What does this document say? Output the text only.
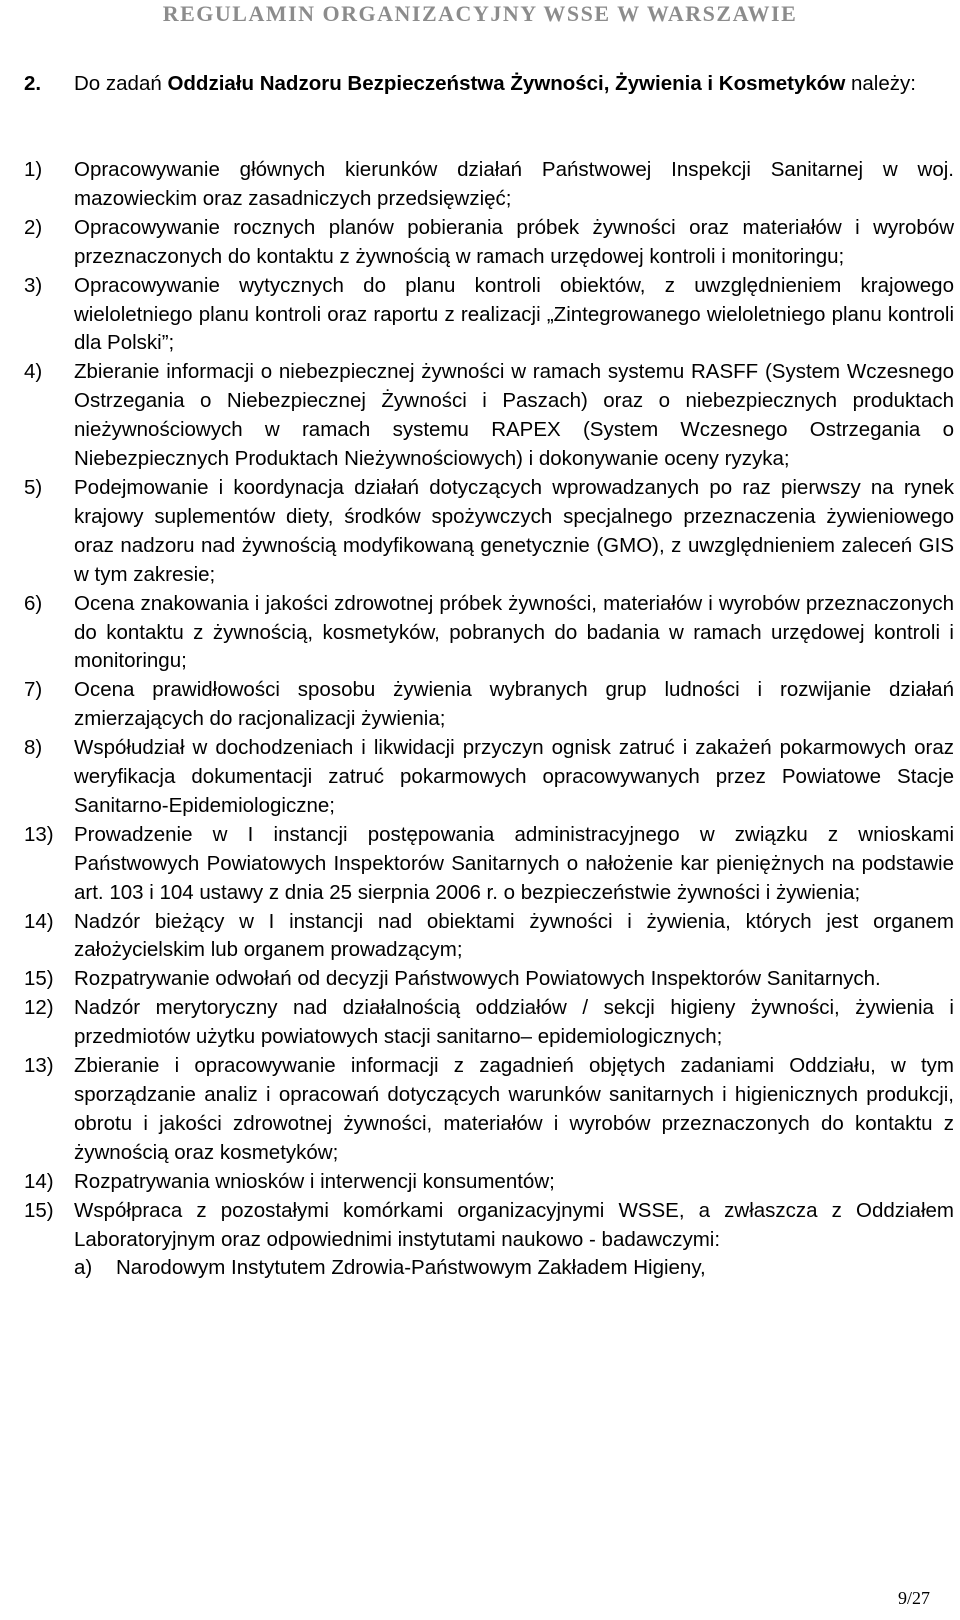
REGULAMIN ORGANIZACYJNY WSSE W WARSZAWIE
2. Do zadań Oddziału Nadzoru Bezpieczeństwa Żywności, Żywienia i Kosmetyków należy:
1)	Opracowywanie głównych kierunków działań Państwowej Inspekcji Sanitarnej w woj. mazowieckim oraz zasadniczych przedsięwzięć;
2)	Opracowywanie rocznych planów pobierania próbek żywności oraz materiałów i wyrobów przeznaczonych do kontaktu z żywnością w ramach urzędowej kontroli i monitoringu;
3)	Opracowywanie wytycznych do planu kontroli obiektów, z uwzględnieniem krajowego wieloletniego planu kontroli oraz raportu z realizacji „Zintegrowanego wieloletniego planu kontroli dla Polski”;
4)	Zbieranie informacji o niebezpiecznej żywności w ramach systemu RASFF (System Wczesnego Ostrzegania o Niebezpiecznej Żywności i Paszach) oraz o niebezpiecznych produktach nieżywnościowych w ramach systemu RAPEX (System Wczesnego Ostrzegania o Niebezpiecznych Produktach Nieżywnościowych) i dokonywanie oceny ryzyka;
5)	Podejmowanie i koordynacja działań dotyczących wprowadzanych po raz pierwszy na rynek krajowy suplementów diety, środków spożywczych specjalnego przeznaczenia żywieniowego oraz nadzoru nad żywnością modyfikowaną genetycznie (GMO), z uwzględnieniem zaleceń GIS w tym zakresie;
6)	Ocena znakowania i jakości zdrowotnej próbek żywności, materiałów i wyrobów przeznaczonych do kontaktu z żywnością, kosmetyków, pobranych do badania w ramach urzędowej kontroli i monitoringu;
7)	Ocena prawidłowości sposobu żywienia wybranych grup ludności i rozwijanie działań zmierzających do racjonalizacji żywienia;
8)	Współudział w dochodzeniach i likwidacji przyczyn ognisk zatruć i zakażeń pokarmowych oraz weryfikacja dokumentacji zatruć pokarmowych opracowywanych przez Powiatowe Stacje Sanitarno-Epidemiologiczne;
13) Prowadzenie w I instancji postępowania administracyjnego w związku z wnioskami Państwowych Powiatowych Inspektorów Sanitarnych o nałożenie kar pieniężnych na podstawie art. 103 i 104 ustawy z dnia 25 sierpnia 2006 r. o bezpieczeństwie żywności i żywienia;
14) Nadzór bieżący w I instancji nad obiektami żywności i żywienia, których jest organem założycielskim lub organem prowadzącym;
15) Rozpatrywanie odwołań od decyzji Państwowych Powiatowych Inspektorów Sanitarnych.
12) Nadzór merytoryczny nad działalnością oddziałów / sekcji higieny żywności, żywienia i przedmiotów użytku powiatowych stacji sanitarno– epidemiologicznych;
13) Zbieranie i opracowywanie informacji z zagadnień objętych zadaniami Oddziału, w tym sporządzanie analiz i opracowań dotyczących warunków sanitarnych i higienicznych produkcji, obrotu i jakości zdrowotnej żywności, materiałów i wyrobów przeznaczonych do kontaktu z żywnością oraz kosmetyków;
14) Rozpatrywania wniosków i interwencji konsumentów;
15) Współpraca z pozostałymi komórkami organizacyjnymi WSSE, a zwłaszcza z Oddziałem Laboratoryjnym oraz odpowiednimi instytutami naukowo - badawczymi:
a)	Narodowym Instytutem Zdrowia-Państwowym Zakładem Higieny,
9/27
